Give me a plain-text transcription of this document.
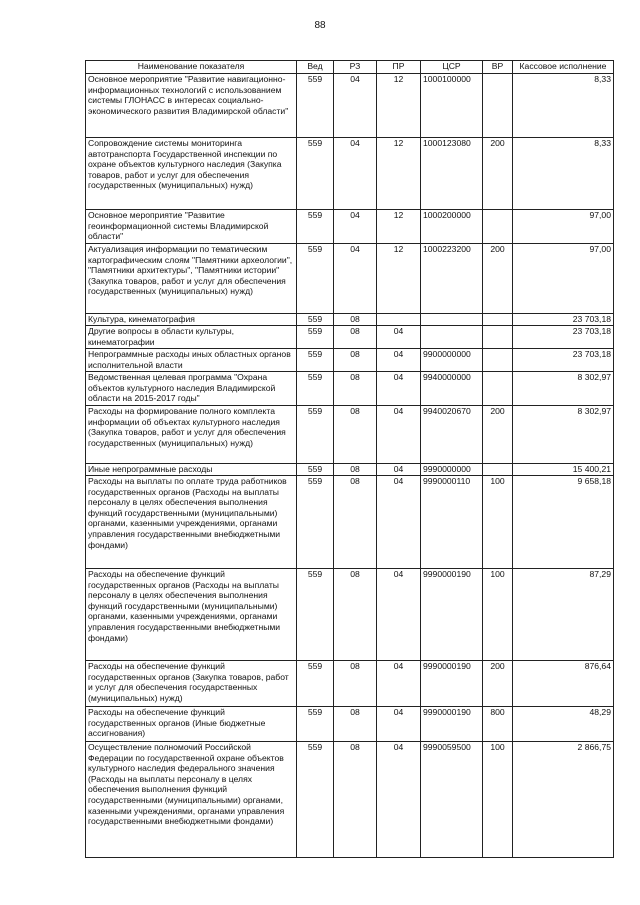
88
Наименование показателя	Вед	РЗ	ПР	ЦСР	ВР	Кассовое исполнение
Основное мероприятие "Развитие навигационно-информационных технологий с использованием системы ГЛОНАСС в интересах социально-экономического развития Владимирской области"	559	04	12	1000100000		8,33
Сопровождение системы мониторинга автотранспорта Государственной инспекции по охране объектов культурного наследия (Закупка товаров, работ и услуг для обеспечения государственных (муниципальных) нужд)	559	04	12	1000123080	200	8,33
Основное мероприятие "Развитие геоинформационной системы Владимирской области"	559	04	12	1000200000		97,00
Актуализация информации по тематическим картографическим слоям "Памятники археологии", "Памятники архитектуры", "Памятники истории" (Закупка товаров, работ и услуг для обеспечения государственных (муниципальных) нужд)	559	04	12	1000223200	200	97,00
Культура, кинематография	559	08				23 703,18
Другие вопросы в области культуры, кинематографии	559	08	04			23 703,18
Непрограммные расходы иных областных органов исполнительной власти	559	08	04	9900000000		23 703,18
Ведомственная целевая программа "Охрана объектов культурного наследия Владимирской области на 2015-2017 годы"	559	08	04	9940000000		8 302,97
Расходы на формирование полного комплекта информации об объектах культурного наследия (Закупка товаров, работ и услуг для обеспечения государственных (муниципальных) нужд)	559	08	04	9940020670	200	8 302,97
Иные непрограммные расходы	559	08	04	9990000000		15 400,21
Расходы на выплаты по оплате труда работников государственных органов (Расходы на выплаты персоналу в целях обеспечения выполнения функций государственными (муниципальными) органами, казенными учреждениями, органами управления государственными внебюджетными фондами)	559	08	04	9990000110	100	9 658,18
Расходы на обеспечение функций государственных органов (Расходы на выплаты персоналу в целях обеспечения выполнения функций государственными (муниципальными) органами, казенными учреждениями, органами управления государственными внебюджетными фондами)	559	08	04	9990000190	100	87,29
Расходы на обеспечение функций государственных органов (Закупка товаров, работ и услуг для обеспечения государственных (муниципальных) нужд)	559	08	04	9990000190	200	876,64
Расходы на обеспечение функций государственных органов (Иные бюджетные ассигнования)	559	08	04	9990000190	800	48,29
Осуществление полномочий Российской Федерации по государственной охране объектов культурного наследия федерального значения (Расходы на выплаты персоналу в целях обеспечения выполнения функций государственными (муниципальными) органами, казенными учреждениями, органами управления государственными внебюджетными фондами)	559	08	04	9990059500	100	2 866,75
